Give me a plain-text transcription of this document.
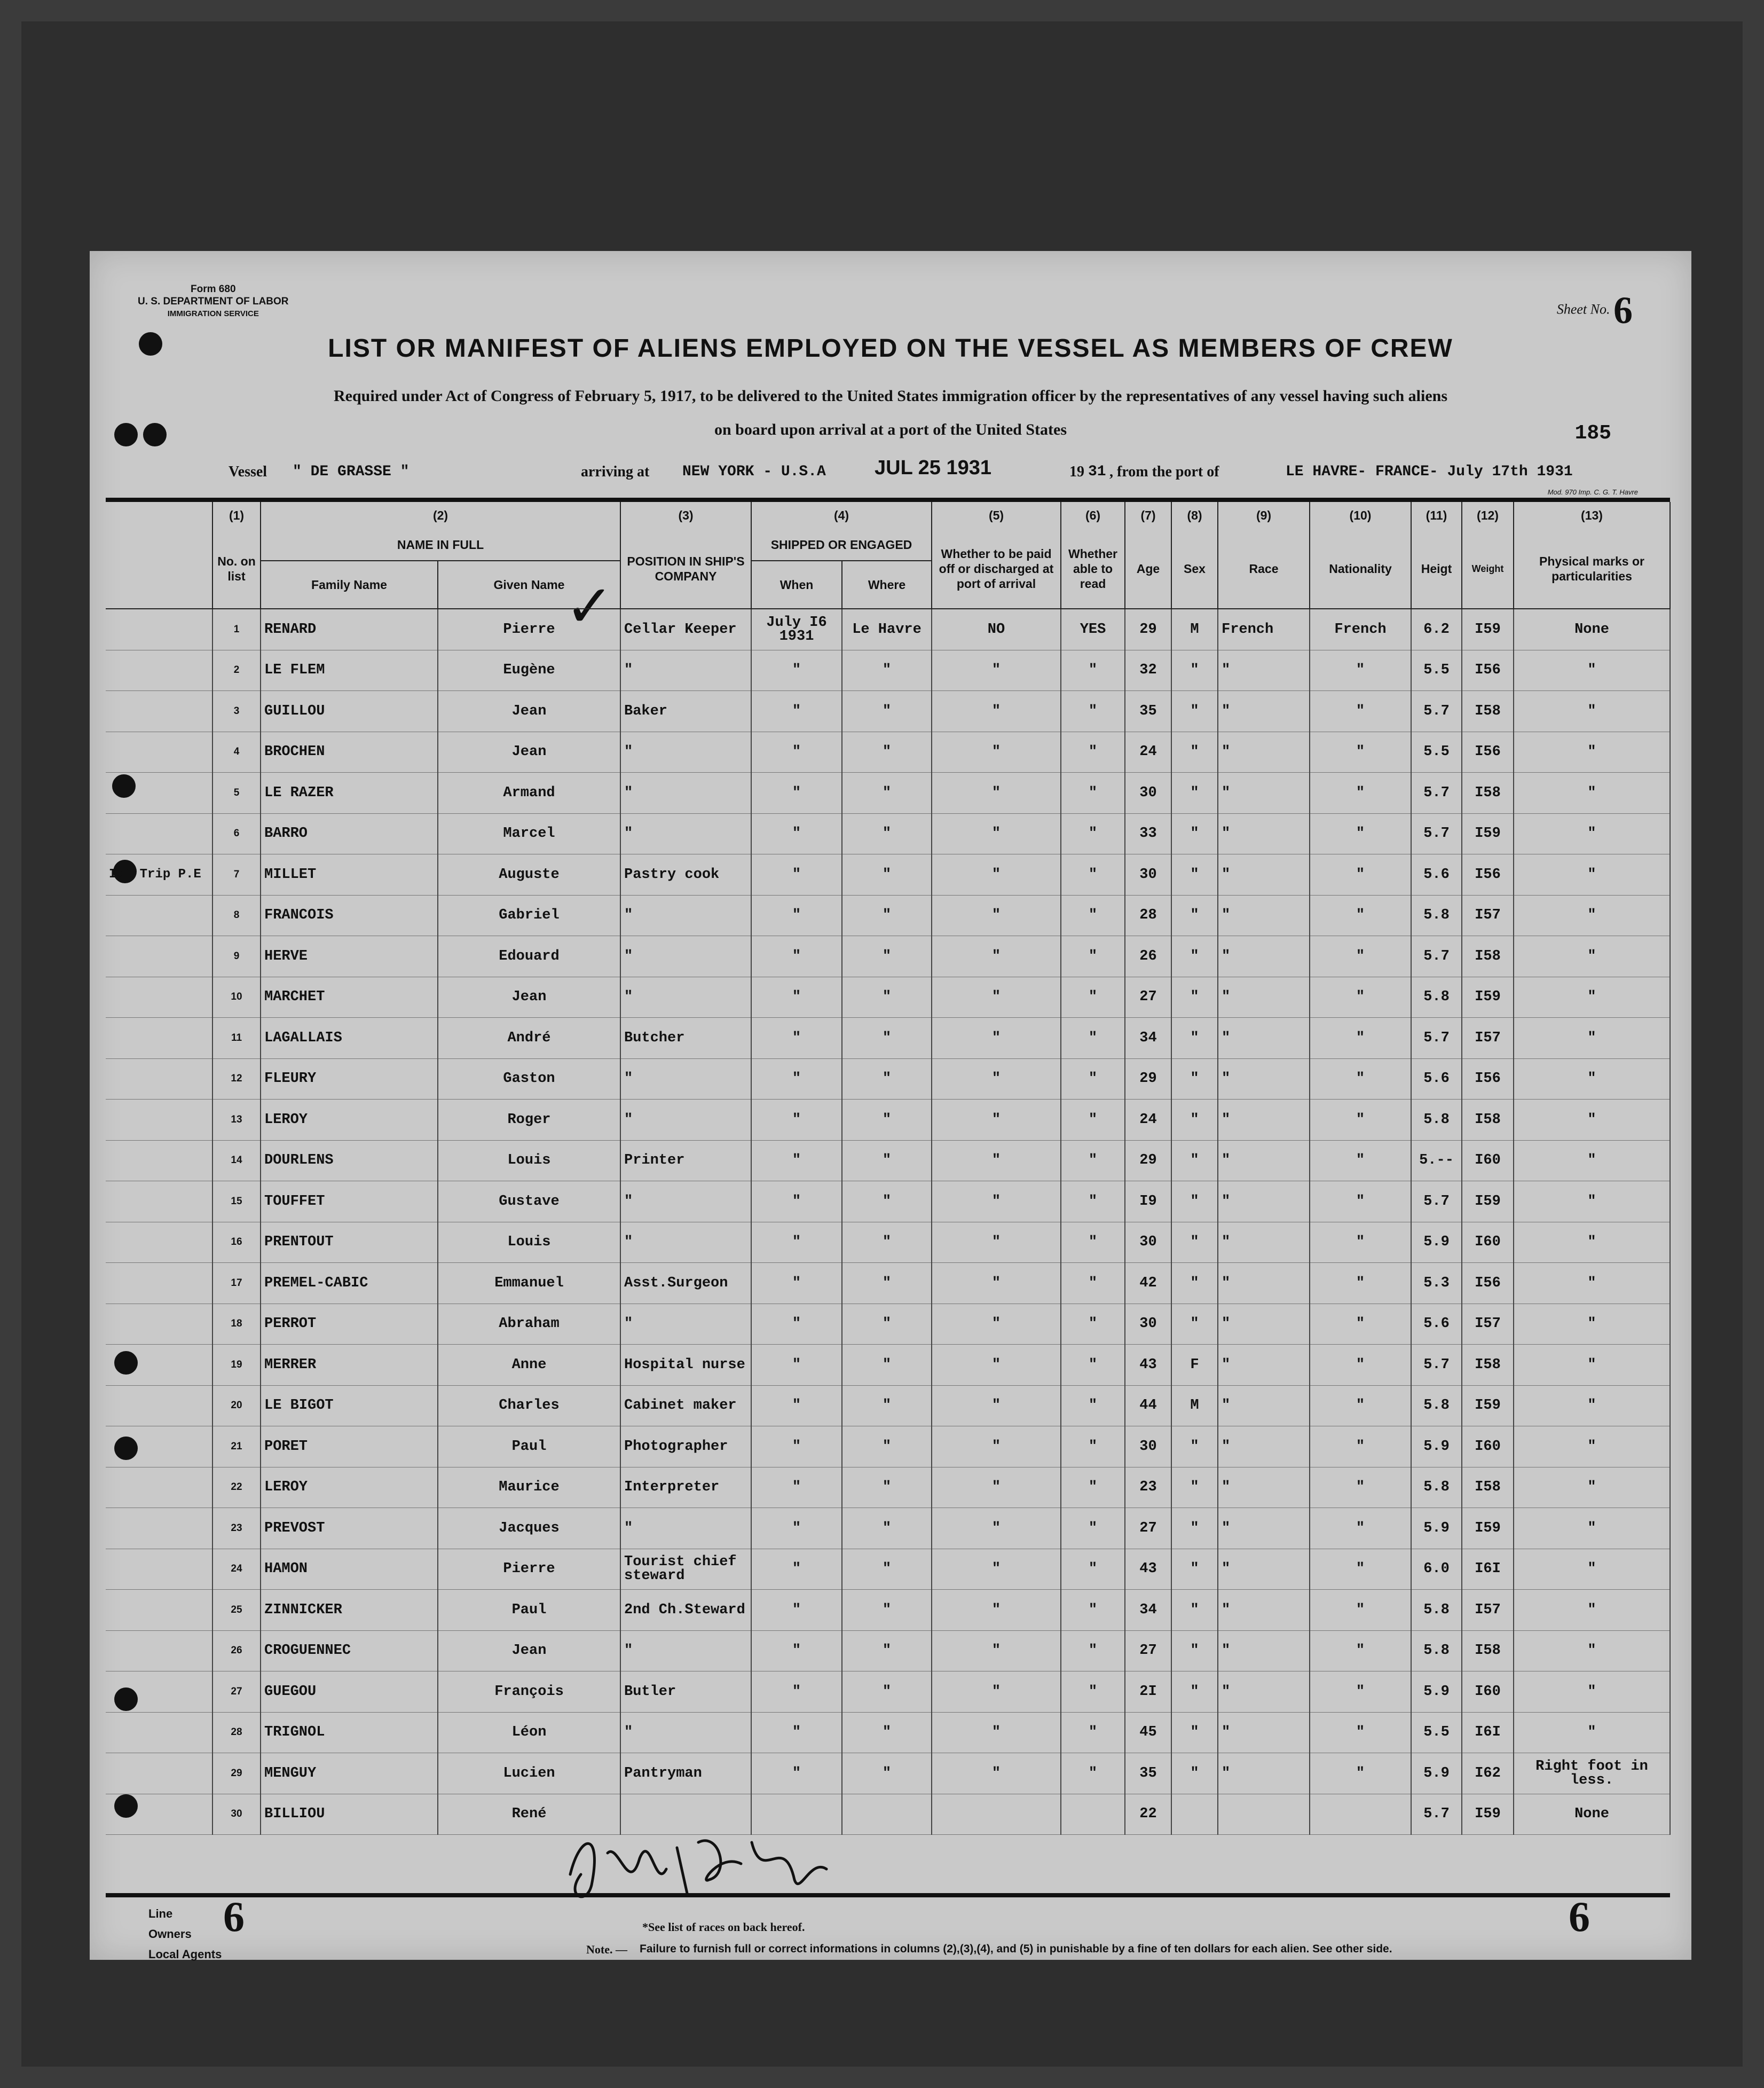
Form 680
U. S. DEPARTMENT OF LABOR
IMMIGRATION SERVICE	Sheet No. 6
LIST OR MANIFEST OF ALIENS EMPLOYED ON THE VESSEL AS MEMBERS OF CREW
Required under Act of Congress of February 5, 1917, to be delivered to the United States immigration officer by the representatives of any vessel having such aliens
on board upon arrival at a port of the United States	185
Vessel " DE GRASSE "	arriving at NEW YORK - U.S.A JUL 25 1931	19 31 , from the port of	LE HAVRE- FRANCE- July 17th 1931
Mod. 970 Imp. C. G. T. Havre
✓
	(1)	(2)		(3)	(4)		(5)	(6)	(7)	(8)	(9)	(10)	(11)	(12)	(13)
	No. on list	NAME IN FULL		POSITION IN SHIP'S COMPANY	SHIPPED OR ENGAGED		Whether to be paid off or discharged at port of arrival	Whether able to read	Age	Sex	Race	Nationality	Heigt	Weight	Physical marks or particularities
		Family Name	Given Name		When	Where									
	1	RENARD	Pierre	Cellar Keeper	July I6 1931	Le Havre	NO	YES	29	M	French	French	6.2	I59	None
	2	LE FLEM	Eugène	"	"	"	"	"	32	"	"	"	5.5	I56	"
	3	GUILLOU	Jean	Baker	"	"	"	"	35	"	"	"	5.7	I58	"
	4	BROCHEN	Jean	"	"	"	"	"	24	"	"	"	5.5	I56	"
	5	LE RAZER	Armand	"	"	"	"	"	30	"	"	"	5.7	I58	"
	6	BARRO	Marcel	"	"	"	"	"	33	"	"	"	5.7	I59	"
Ist Trip P.E	7	MILLET	Auguste	Pastry cook	"	"	"	"	30	"	"	"	5.6	I56	"
	8	FRANCOIS	Gabriel	"	"	"	"	"	28	"	"	"	5.8	I57	"
	9	HERVE	Edouard	"	"	"	"	"	26	"	"	"	5.7	I58	"
	10	MARCHET	Jean	"	"	"	"	"	27	"	"	"	5.8	I59	"
	11	LAGALLAIS	André	Butcher	"	"	"	"	34	"	"	"	5.7	I57	"
	12	FLEURY	Gaston	"	"	"	"	"	29	"	"	"	5.6	I56	"
	13	LEROY	Roger	"	"	"	"	"	24	"	"	"	5.8	I58	"
	14	DOURLENS	Louis	Printer	"	"	"	"	29	"	"	"	5.--	I60	"
	15	TOUFFET	Gustave	"	"	"	"	"	I9	"	"	"	5.7	I59	"
	16	PRENTOUT	Louis	"	"	"	"	"	30	"	"	"	5.9	I60	"
	17	PREMEL-CABIC	Emmanuel	Asst.Surgeon	"	"	"	"	42	"	"	"	5.3	I56	"
	18	PERROT	Abraham	"	"	"	"	"	30	"	"	"	5.6	I57	"
	19	MERRER	Anne	Hospital nurse	"	"	"	"	43	F	"	"	5.7	I58	"
	20	LE BIGOT	Charles	Cabinet maker	"	"	"	"	44	M	"	"	5.8	I59	"
	21	PORET	Paul	Photographer	"	"	"	"	30	"	"	"	5.9	I60	"
	22	LEROY	Maurice	Interpreter	"	"	"	"	23	"	"	"	5.8	I58	"
	23	PREVOST	Jacques	"	"	"	"	"	27	"	"	"	5.9	I59	"
	24	HAMON	Pierre	Tourist chief steward	"	"	"	"	43	"	"	"	6.0	I6I	"
	25	ZINNICKER	Paul	2nd Ch.Steward	"	"	"	"	34	"	"	"	5.8	I57	"
	26	CROGUENNEC	Jean	"	"	"	"	"	27	"	"	"	5.8	I58	"
	27	GUEGOU	François	Butler	"	"	"	"	2I	"	"	"	5.9	I60	"
	28	TRIGNOL	Léon	"	"	"	"	"	45	"	"	"	5.5	I6I	"
	29	MENGUY	Lucien	Pantryman	"	"	"	"	35	"	"	"	5.9	I62	Right foot in less.
	30	BILLIOU	René						22				5.7	I59	None
Line
Owners
Local Agents
6	6
*See list of races on back hereof.
Note. — Failure to furnish full or correct informations in columns (2),(3),(4), and (5) in punishable by a fine of ten dollars for each alien. See other side.
